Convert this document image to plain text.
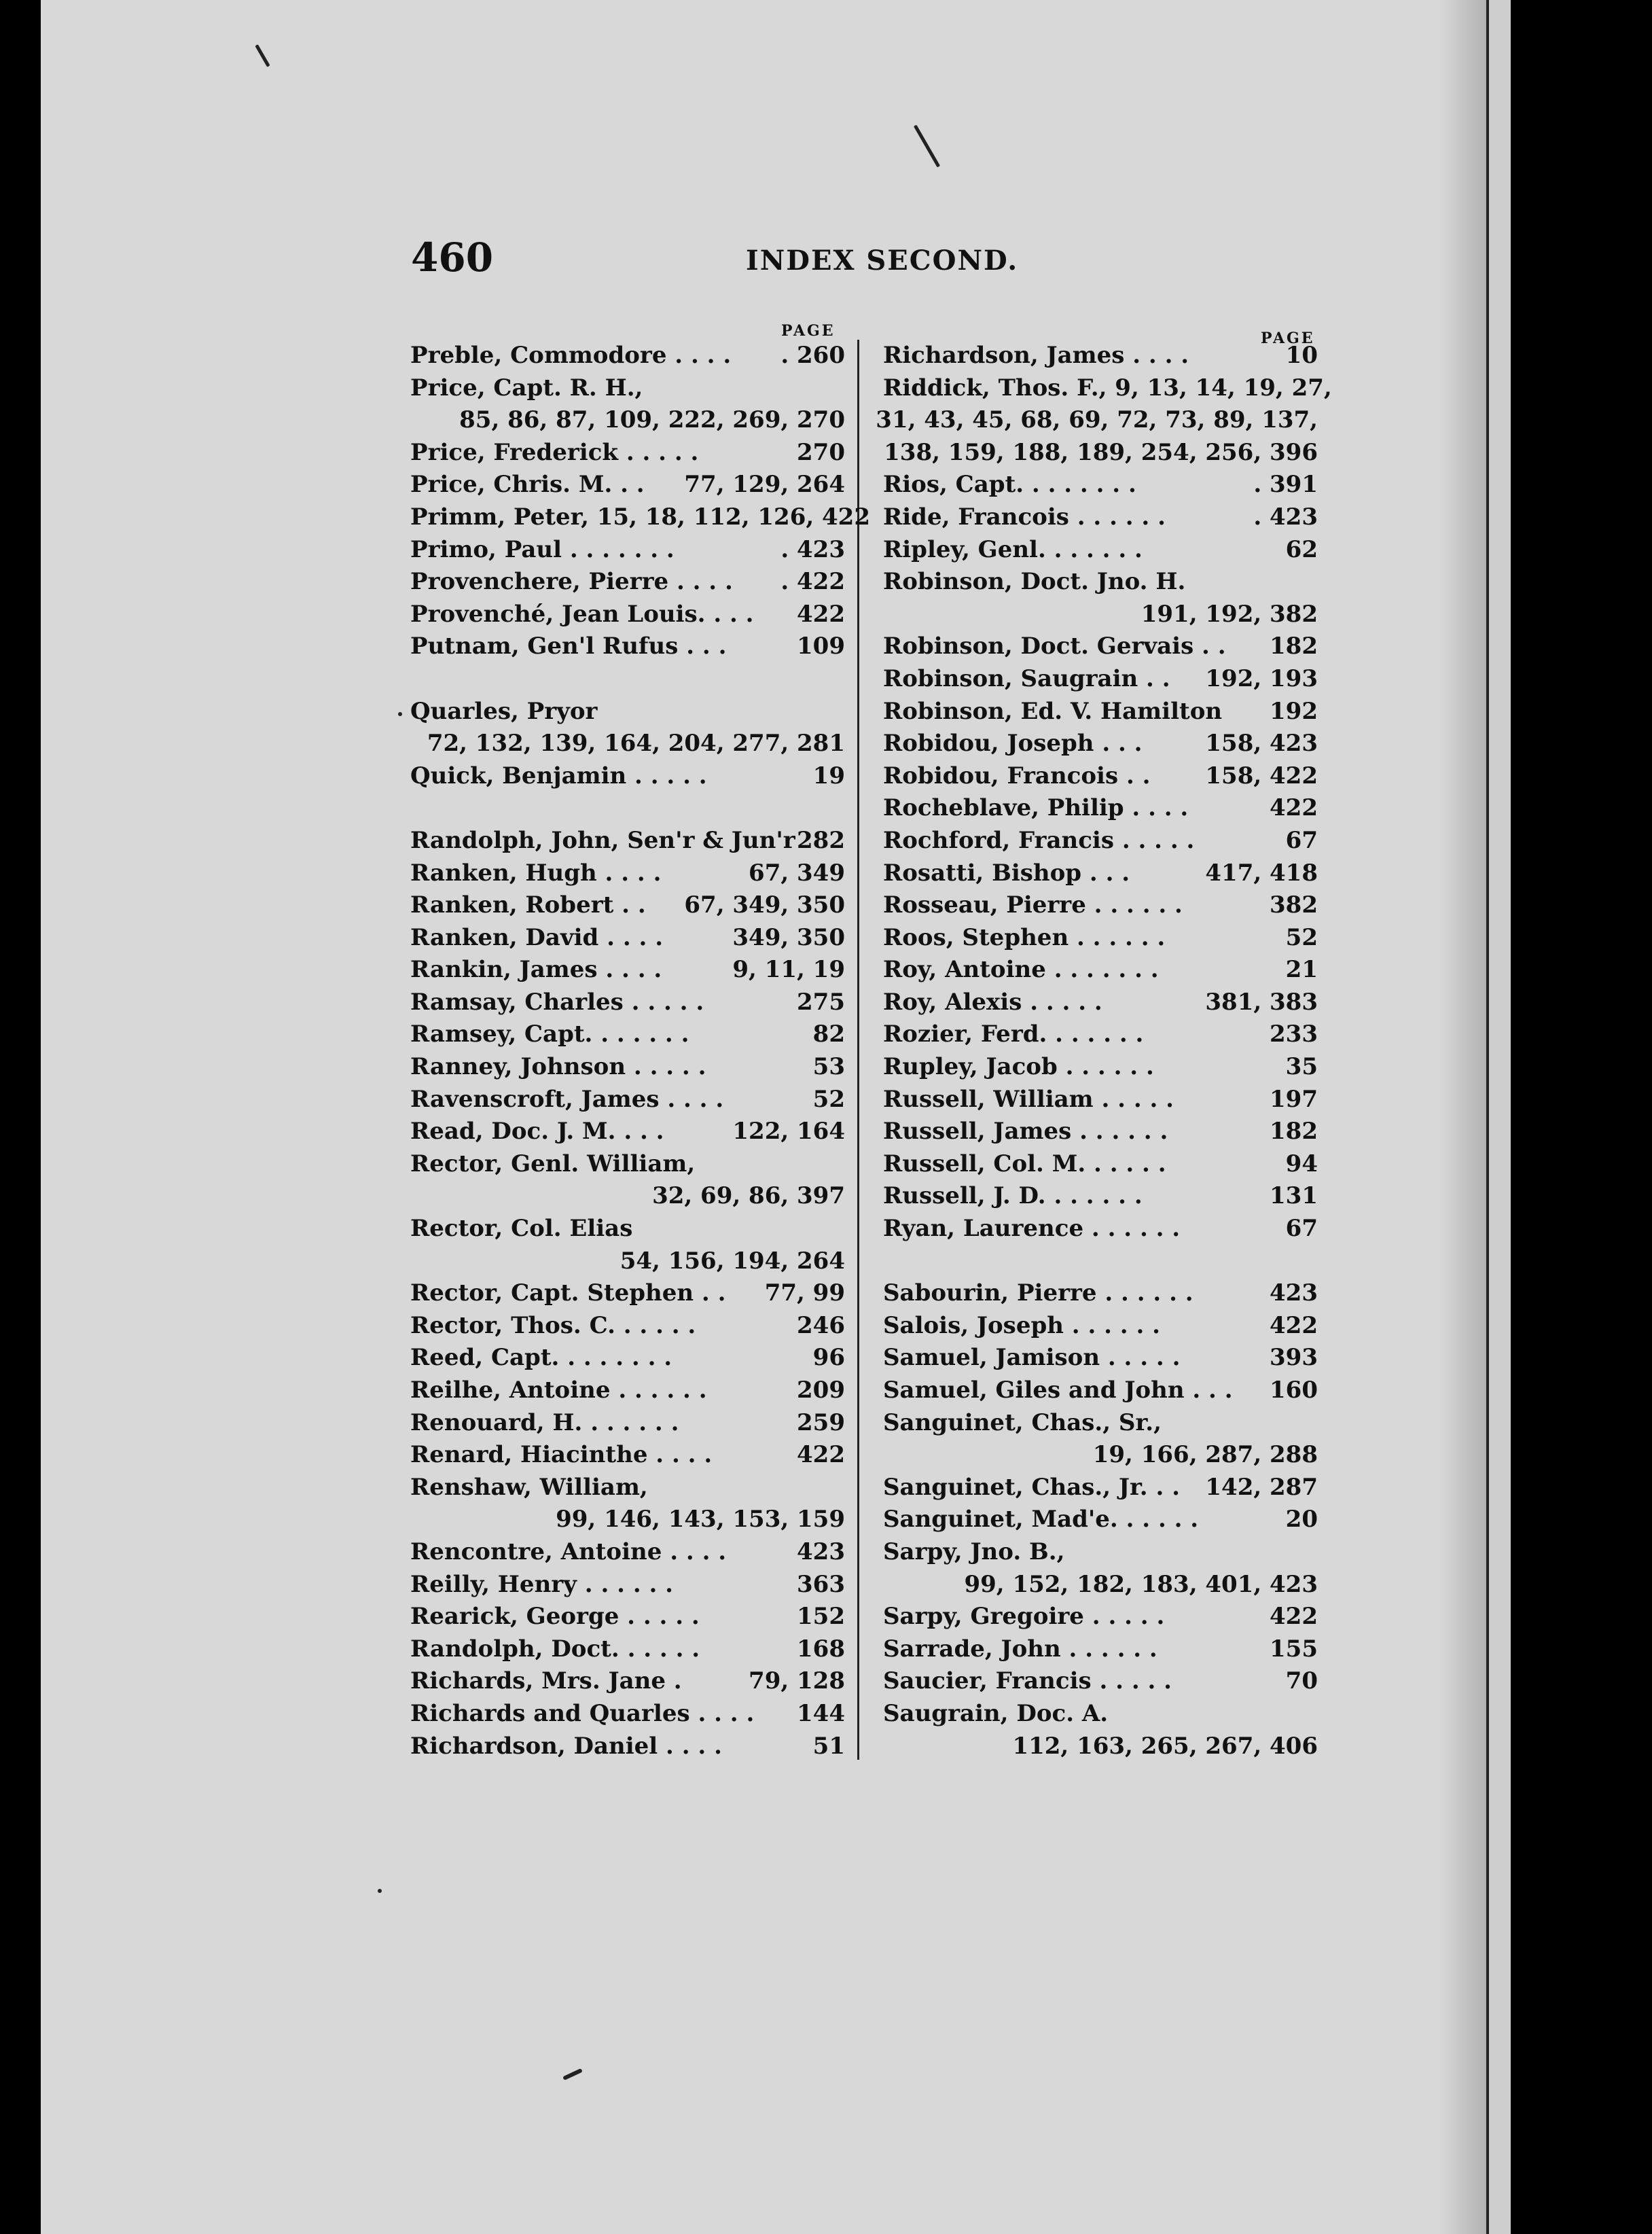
460	INDEX SECOND.
PAGE	PAGE
Preble, Commodore . . . . . 260
Price, Capt. R. H.,
85, 86, 87, 109, 222, 269, 270
Price, Frederick . . . . .	270
Price, Chris. M. . . 77, 129, 264
Primm, Peter, 15, 18, 112, 126, 422
Primo, Paul . . . . . . .	. 423
Provenchere, Pierre . . . . . 422
Provenché, Jean Louis. . . . 422
Putnam, Gen'l Rufus . . .	109
Quarles, Pryor
72, 132, 139, 164, 204, 277, 281
Quick, Benjamin . . . . .	19
Randolph, John, Sen'r & Jun'r 282
Ranken, Hugh . . . .	67, 349
Ranken, Robert . . 67, 349, 350
Ranken, David . . . .	349, 350
Rankin, James . . . .	9, 11, 19
Ramsay, Charles . . . . .	275
Ramsey, Capt. . . . . . .	82
Ranney, Johnson . . . . .	53
Ravenscroft, James . . . .	52
Read, Doc. J. M. . . .	122, 164
Rector, Genl. William,
32, 69, 86, 397
Rector, Col. Elias
54, 156, 194, 264
Rector, Capt. Stephen . . 77, 99
Rector, Thos. C. . . . . .	246
Reed, Capt. . . . . . . .	96
Reilhe, Antoine . . . . . .	209
Renouard, H. . . . . . .	259
Renard, Hiacinthe . . . .	422
Renshaw, William,
99, 146, 143, 153, 159
Rencontre, Antoine . . . .	423
Reilly, Henry . . . . . .	363
Rearick, George . . . . .	152
Randolph, Doct. . . . . .	168
Richards, Mrs. Jane .	79, 128
Richards and Quarles . . . . 144
Richardson, Daniel . . . .	51
Richardson, James . . . .	10
Riddick, Thos. F., 9, 13, 14, 19, 27,
31, 43, 45, 68, 69, 72, 73, 89, 137,
138, 159, 188, 189, 254, 256, 396
Rios, Capt. . . . . . . .	. 391
Ride, Francois . . . . . .	. 423
Ripley, Genl. . . . . . .	62
Robinson, Doct. Jno. H.
191, 192, 382
Robinson, Doct. Gervais . . 182
Robinson, Saugrain . . 192, 193
Robinson, Ed. V. Hamilton 192
Robidou, Joseph . . .	158, 423
Robidou, Francois . . 158, 422
Rocheblave, Philip . . . .	422
Rochford, Francis . . . . .	67
Rosatti, Bishop . . .	417, 418
Rosseau, Pierre . . . . . .	382
Roos, Stephen . . . . . .	52
Roy, Antoine . . . . . . .	21
Roy, Alexis . . . . .	381, 383
Rozier, Ferd. . . . . . .	233
Rupley, Jacob . . . . . .	35
Russell, William . . . . .	197
Russell, James . . . . . .	182
Russell, Col. M. . . . . .	94
Russell, J. D. . . . . . .	131
Ryan, Laurence . . . . . .	67
Sabourin, Pierre . . . . . .	423
Salois, Joseph . . . . . .	422
Samuel, Jamison . . . . .	393
Samuel, Giles and John . . . 160
Sanguinet, Chas., Sr.,
19, 166, 287, 288
Sanguinet, Chas., Jr. . . 142, 287
Sanguinet, Mad'e. . . . . .	20
Sarpy, Jno. B.,
99, 152, 182, 183, 401, 423
Sarpy, Gregoire . . . . .	422
Sarrade, John . . . . . .	155
Saucier, Francis . . . . .	70
Saugrain, Doc. A.
112, 163, 265, 267, 406
